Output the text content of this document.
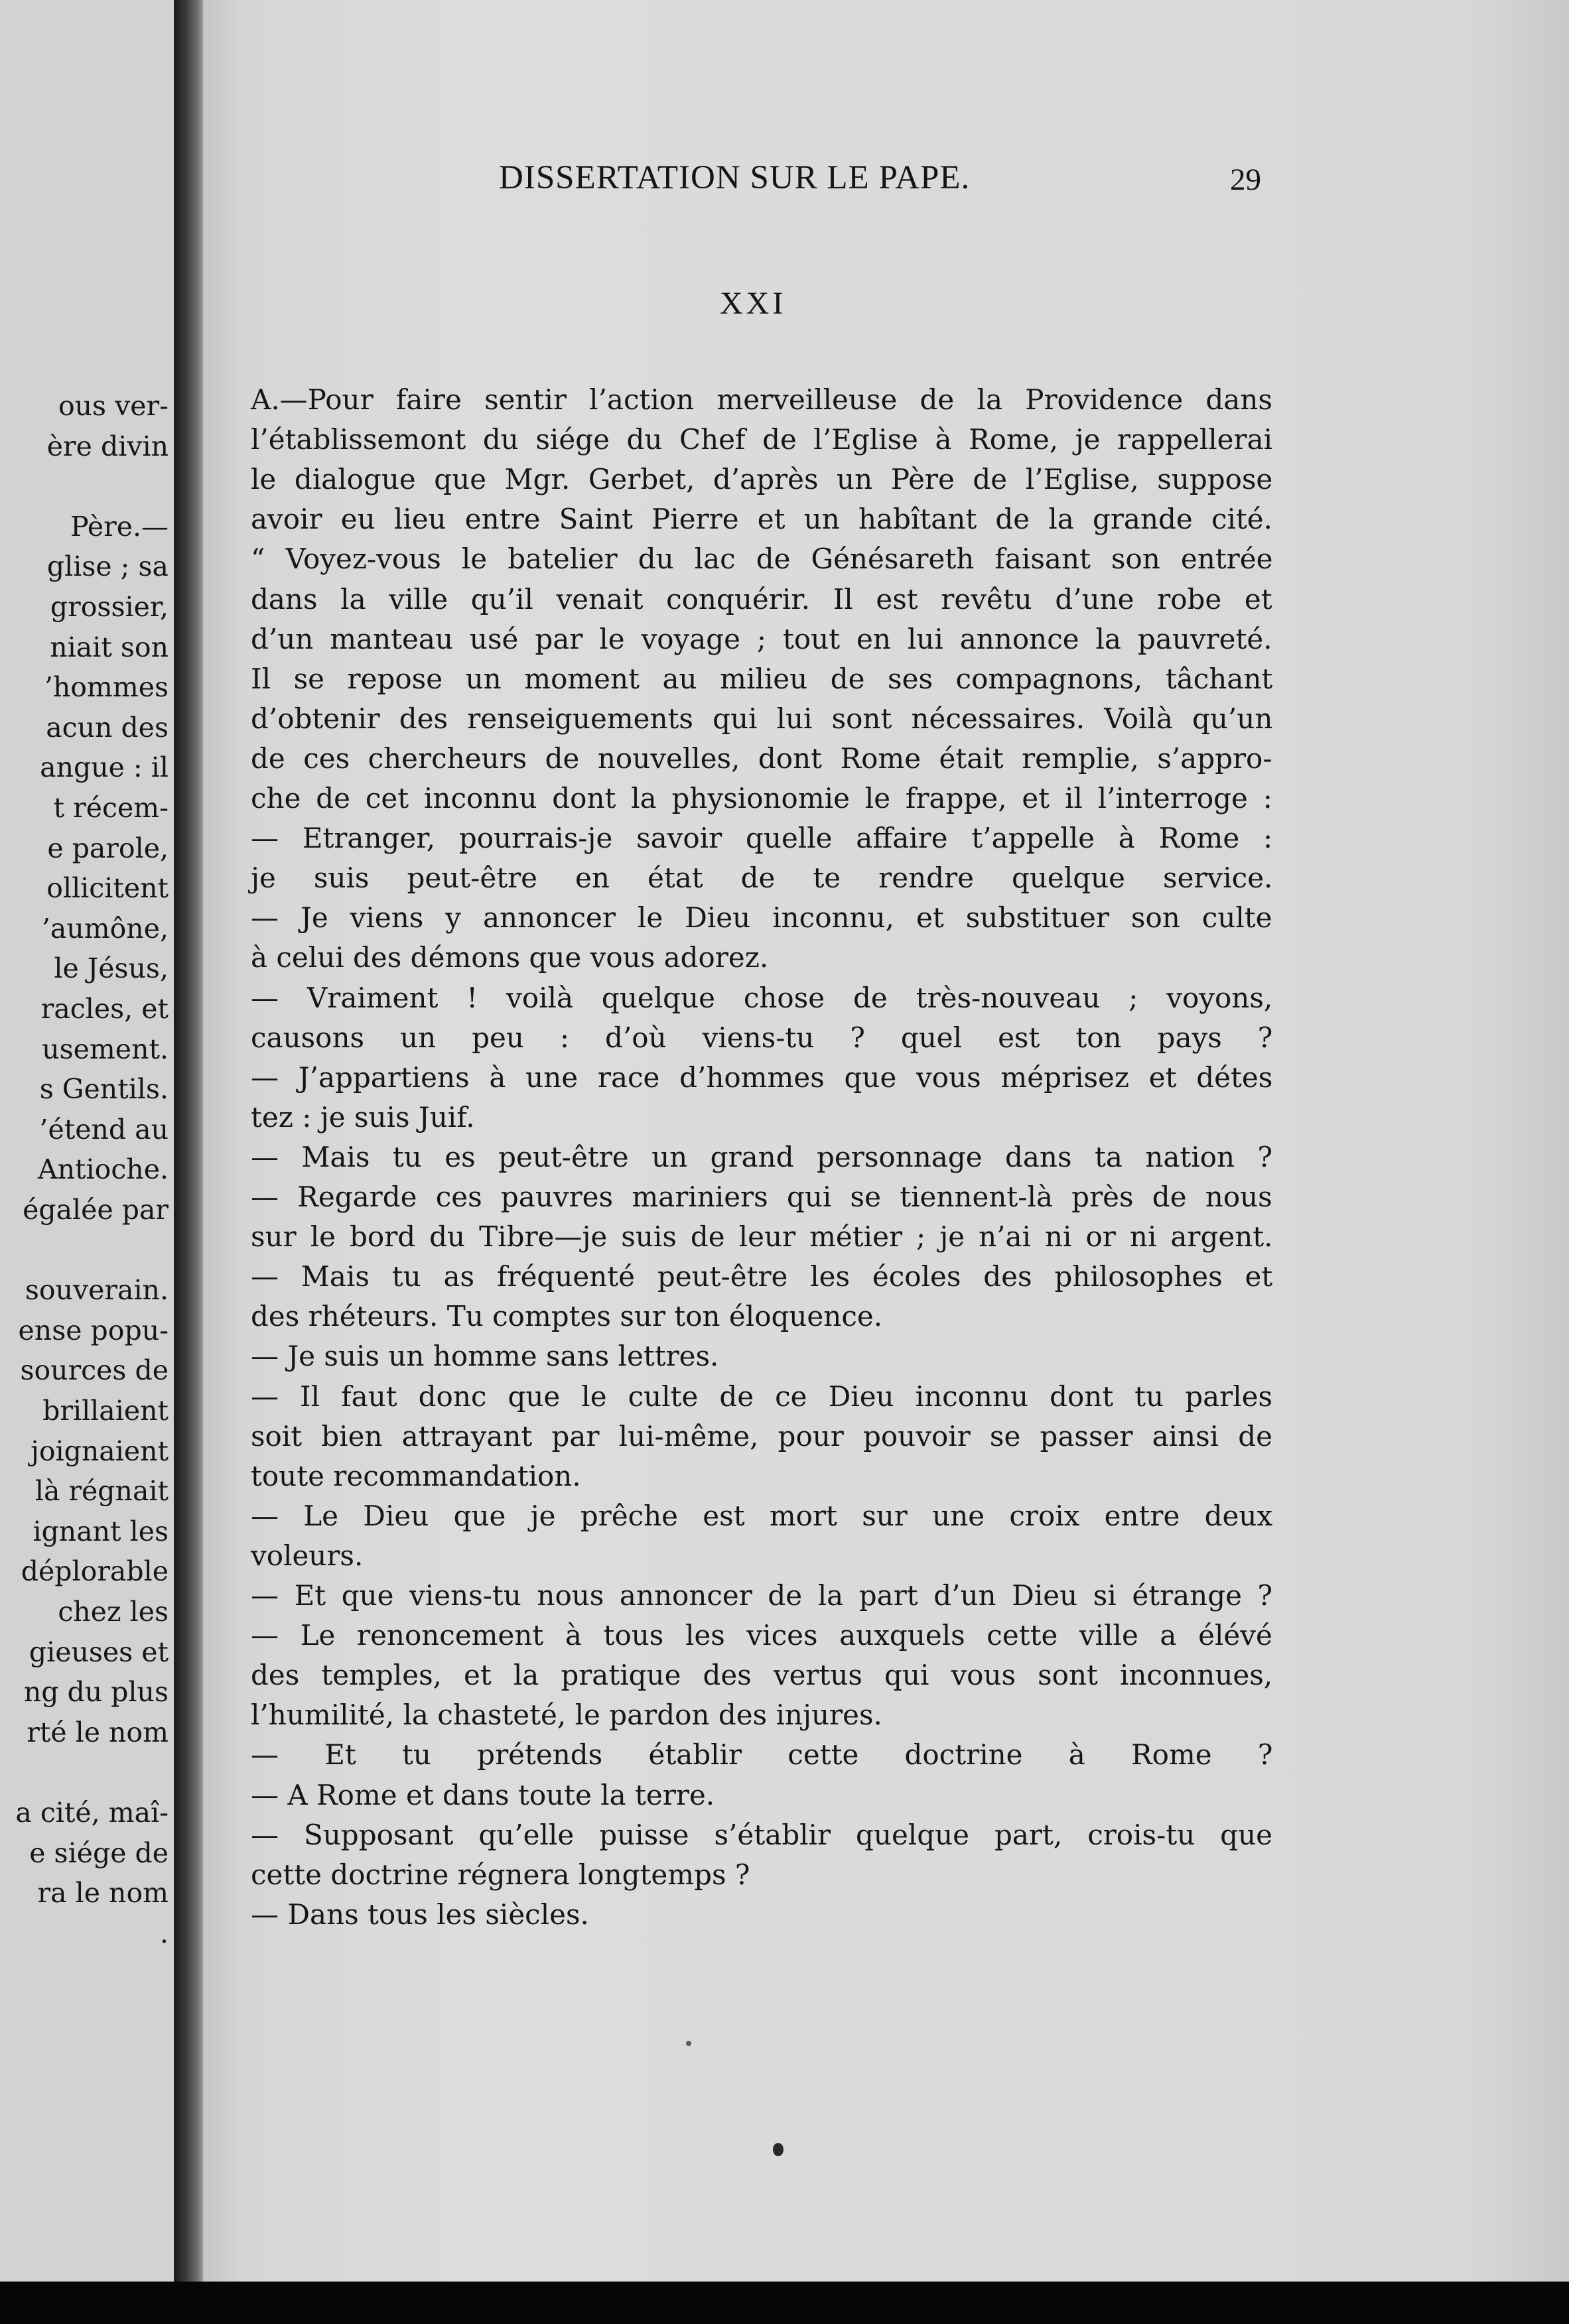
ous ver-
ère divin
Père.—
glise ; sa
grossier,
niait son
’hommes
acun des
angue : il
t récem-
e parole,
ollicitent
’aumône,
le Jésus,
racles, et
usement.
s Gentils.
’étend au
Antioche.
égalée par
souverain.
ense popu-
sources de
brillaient
joignaient
là régnait
ignant les
déplorable
chez les
gieuses et
ng du plus
rté le nom
a cité, maî-
e siége de
ra le nom
.
DISSERTATION SUR LE PAPE.	29
XXI
A.—Pour faire sentir l’action merveilleuse de la Providence dans
l’établissemont du siége du Chef de l’Eglise à Rome, je rappellerai
le dialogue que Mgr. Gerbet, d’après un Père de l’Eglise, suppose
avoir eu lieu entre Saint Pierre et un habîtant de la grande cité.
“ Voyez-vous le batelier du lac de Génésareth faisant son entrée
dans la ville qu’il venait conquérir. Il est revêtu d’une robe et
d’un manteau usé par le voyage ; tout en lui annonce la pauvreté.
Il se repose un moment au milieu de ses compagnons, tâchant
d’obtenir des renseiguements qui lui sont nécessaires. Voilà qu’un
de ces chercheurs de nouvelles, dont Rome était remplie, s’appro-
che de cet inconnu dont la physionomie le frappe, et il l’interroge :
— Etranger, pourrais-je savoir quelle affaire t’appelle à Rome :
je suis peut-être en état de te rendre quelque service.
— Je viens y annoncer le Dieu inconnu, et substituer son culte
à celui des démons que vous adorez.
— Vraiment ! voilà quelque chose de très-nouveau ; voyons,
causons un peu : d’où viens-tu ? quel est ton pays ?
— J’appartiens à une race d’hommes que vous méprisez et détes
tez : je suis Juif.
— Mais tu es peut-être un grand personnage dans ta nation ?
— Regarde ces pauvres mariniers qui se tiennent-là près de nous
sur le bord du Tibre—je suis de leur métier ; je n’ai ni or ni argent.
— Mais tu as fréquenté peut-être les écoles des philosophes et
des rhéteurs. Tu comptes sur ton éloquence.
— Je suis un homme sans lettres.
— Il faut donc que le culte de ce Dieu inconnu dont tu parles
soit bien attrayant par lui-même, pour pouvoir se passer ainsi de
toute recommandation.
— Le Dieu que je prêche est mort sur une croix entre deux
voleurs.
— Et que viens-tu nous annoncer de la part d’un Dieu si étrange ?
— Le renoncement à tous les vices auxquels cette ville a élévé
des temples, et la pratique des vertus qui vous sont inconnues,
l’humilité, la chasteté, le pardon des injures.
— Et tu prétends établir cette doctrine à Rome ?
— A Rome et dans toute la terre.
— Supposant qu’elle puisse s’établir quelque part, crois-tu que
cette doctrine régnera longtemps ?
— Dans tous les siècles.
